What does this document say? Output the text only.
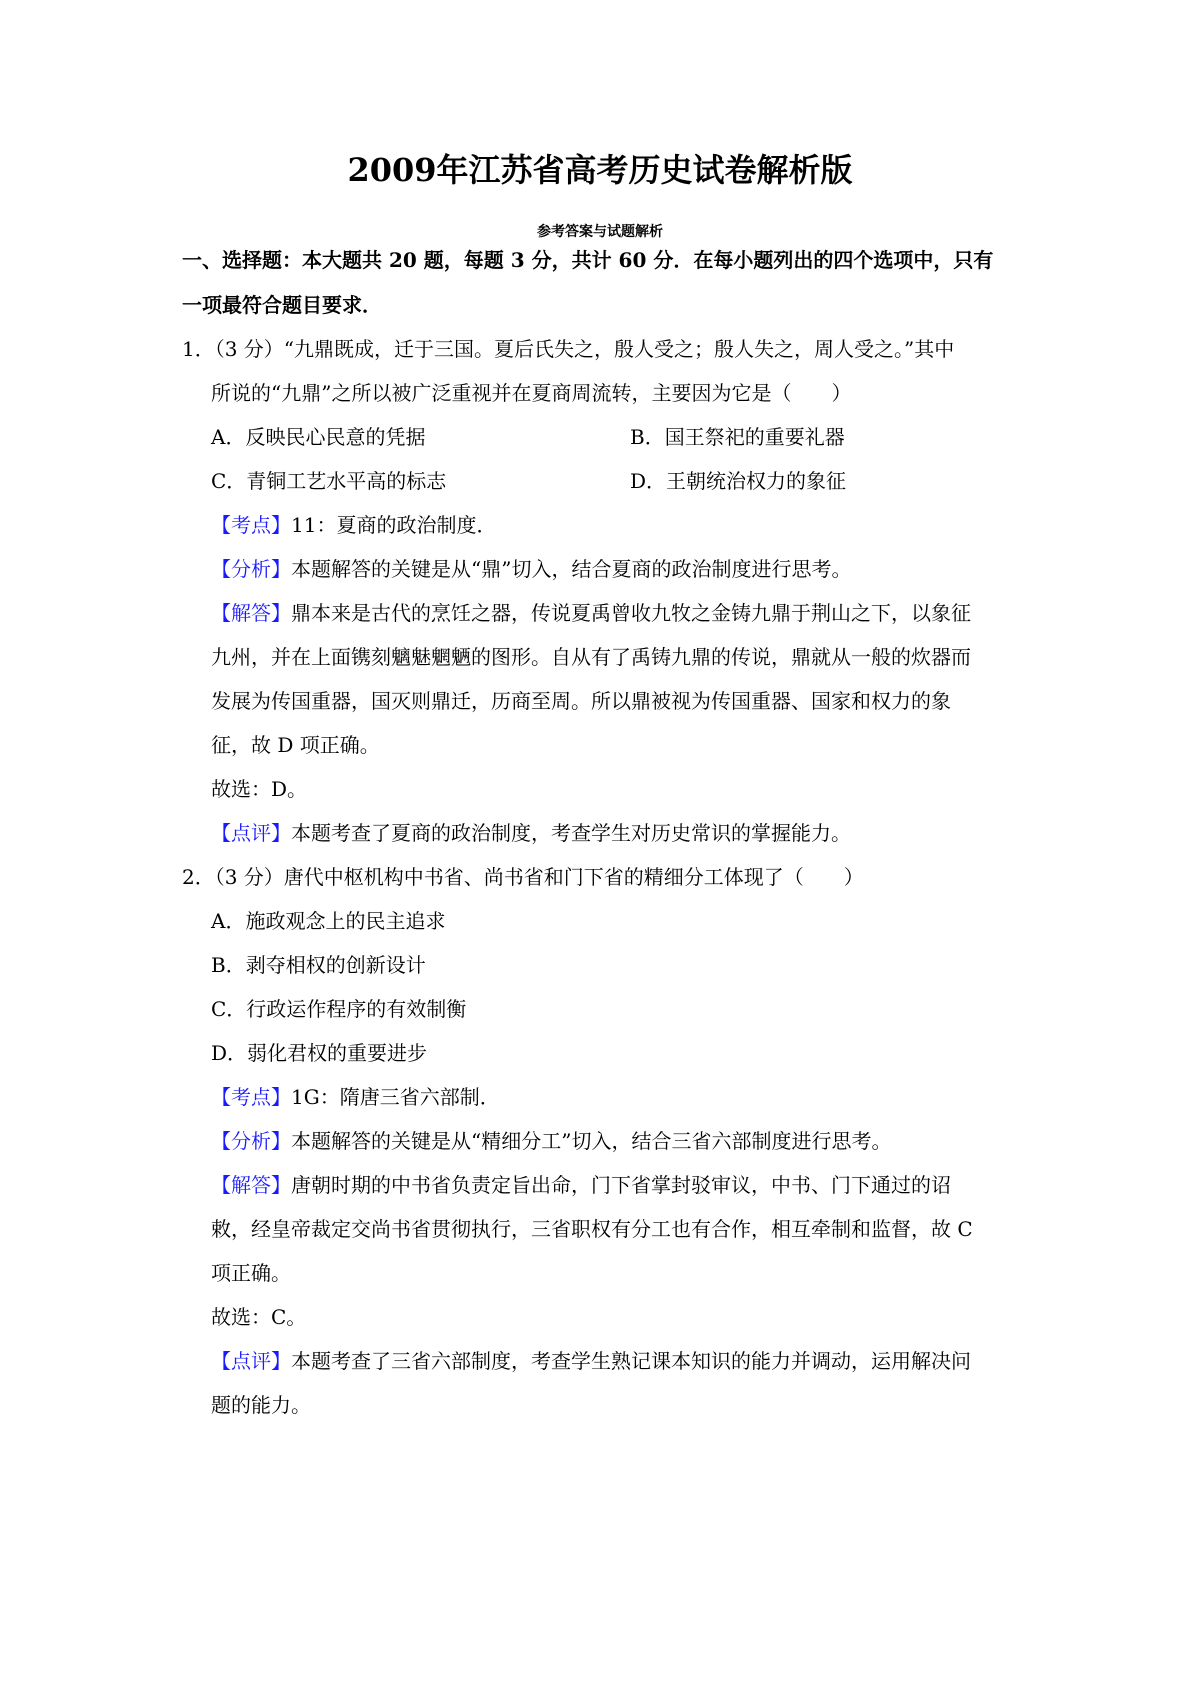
2009年江苏省高考历史试卷解析版
参考答案与试题解析
一、选择题：本大题共 20 题，每题 3 分，共计 60 分．在每小题列出的四个选项中，只有
一项最符合题目要求．
1．（3 分）“九鼎既成，迁于三国。夏后氏失之，殷人受之；殷人失之，周人受之。”其中
所说的“九鼎”之所以被广泛重视并在夏商周流转，主要因为它是（　　）
A．反映民心民意的凭据	B．国王祭祀的重要礼器
C．青铜工艺水平高的标志	D．王朝统治权力的象征
【考点】11：夏商的政治制度．
【分析】本题解答的关键是从“鼎”切入，结合夏商的政治制度进行思考。
【解答】鼎本来是古代的烹饪之器，传说夏禹曾收九牧之金铸九鼎于荆山之下，以象征
九州，并在上面镌刻魑魅魍魉的图形。自从有了禹铸九鼎的传说，鼎就从一般的炊器而
发展为传国重器，国灭则鼎迁，历商至周。所以鼎被视为传国重器、国家和权力的象
征，故 D 项正确。
故选：D。
【点评】本题考查了夏商的政治制度，考查学生对历史常识的掌握能力。
2．（3 分）唐代中枢机构中书省、尚书省和门下省的精细分工体现了（　　）
A．施政观念上的民主追求
B．剥夺相权的创新设计
C．行政运作程序的有效制衡
D．弱化君权的重要进步
【考点】1G：隋唐三省六部制．
【分析】本题解答的关键是从“精细分工”切入，结合三省六部制度进行思考。
【解答】唐朝时期的中书省负责定旨出命，门下省掌封驳审议，中书、门下通过的诏
敕，经皇帝裁定交尚书省贯彻执行，三省职权有分工也有合作，相互牵制和监督，故 C
项正确。
故选：C。
【点评】本题考查了三省六部制度，考查学生熟记课本知识的能力并调动，运用解决问
题的能力。
